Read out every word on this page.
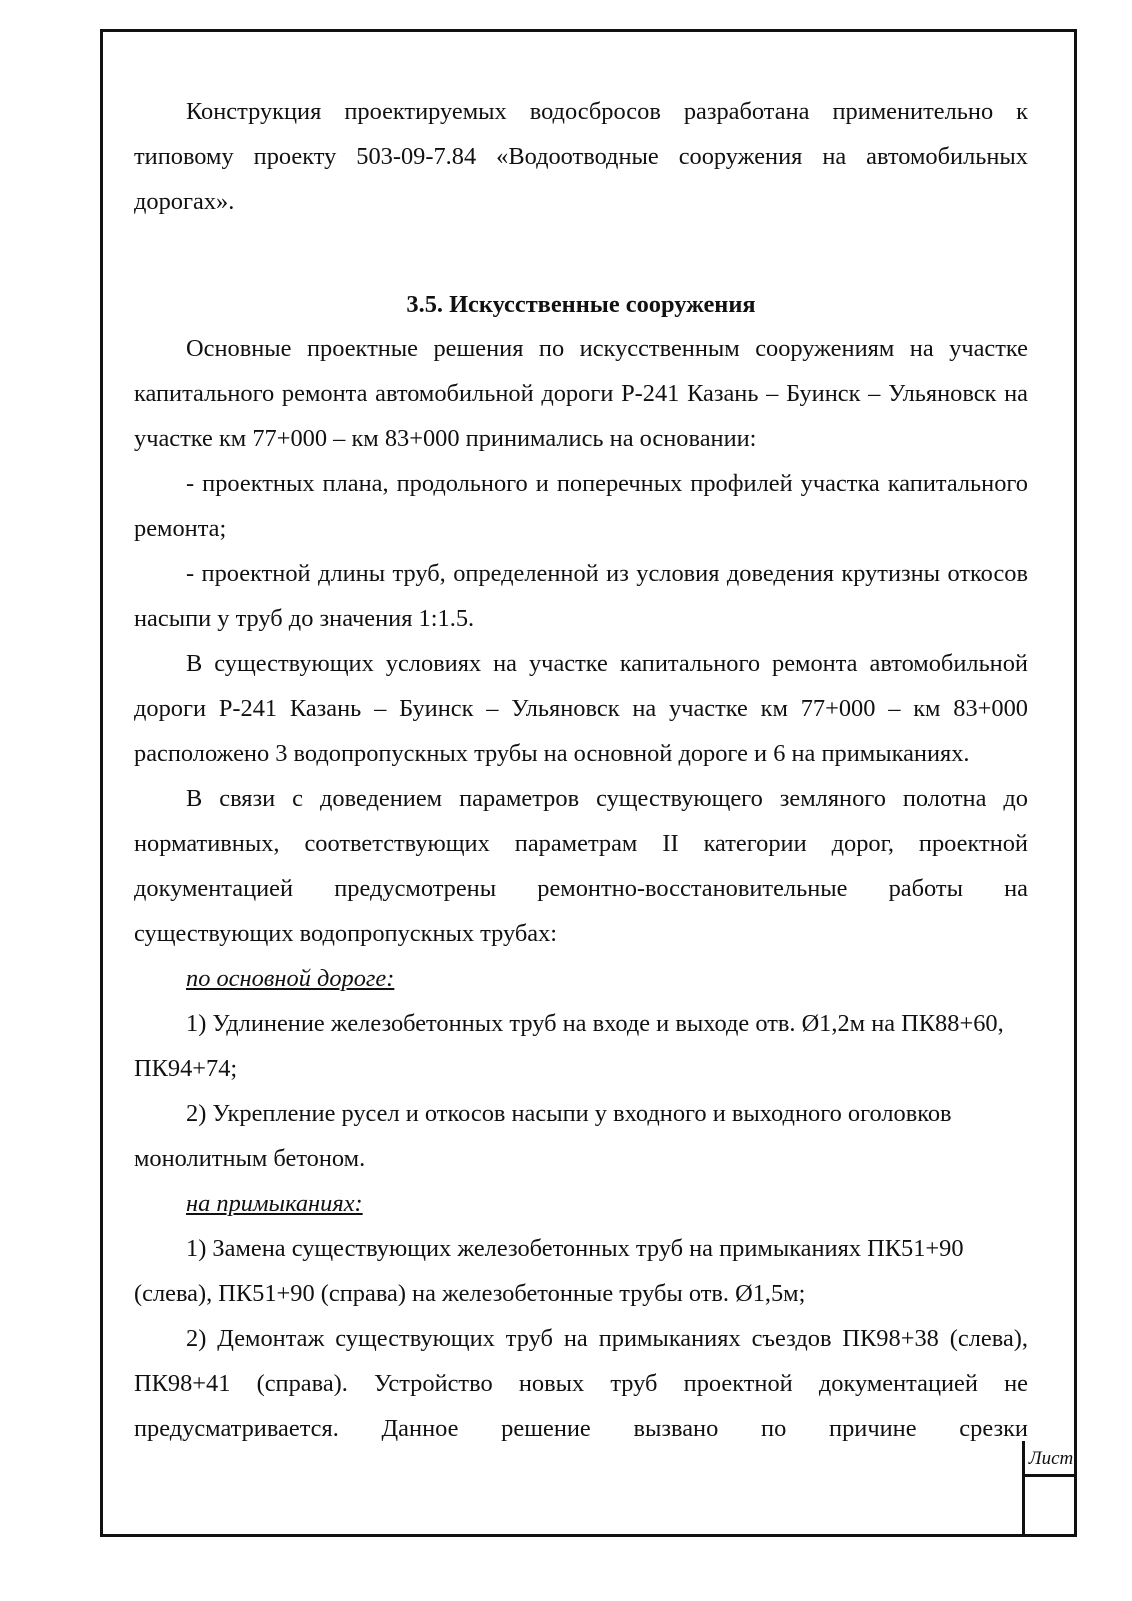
Конструкция проектируемых водосбросов разработана применительно к типовому проекту 503-09-7.84 «Водоотводные сооружения на автомобильных дорогах».

3.5. Искусственные сооружения

Основные проектные решения по искусственным сооружениям на участке капитального ремонта автомобильной дороги Р-241 Казань – Буинск – Ульяновск на участке км 77+000 – км 83+000 принимались на основании:

- проектных плана, продольного и поперечных профилей участка капитального ремонта;

- проектной длины труб, определенной из условия доведения крутизны откосов насыпи у труб до значения 1:1.5.

В существующих условиях на участке капитального ремонта автомобильной дороги Р-241 Казань – Буинск – Ульяновск на участке км 77+000 – км 83+000 расположено 3 водопропускных трубы на основной дороге и 6 на примыканиях.

В связи с доведением параметров существующего земляного полотна до нормативных, соответствующих параметрам II категории дорог, проектной документацией предусмотрены ремонтно-восстановительные работы на существующих водопропускных трубах:

по основной дороге:

1) Удлинение железобетонных труб на входе и выходе отв. Ø1,2м на ПК88+60, ПК94+74;

2) Укрепление русел и откосов насыпи у входного и выходного оголовков монолитным бетоном.

на примыканиях:

1) Замена существующих железобетонных труб на примыканиях ПК51+90 (слева), ПК51+90 (справа) на железобетонные трубы отв. Ø1,5м;

2) Демонтаж существующих труб на примыканиях съездов ПК98+38 (слева), ПК98+41 (справа). Устройство новых труб проектной документацией не предусматривается. Данное решение вызвано по причине срезки

Лист
